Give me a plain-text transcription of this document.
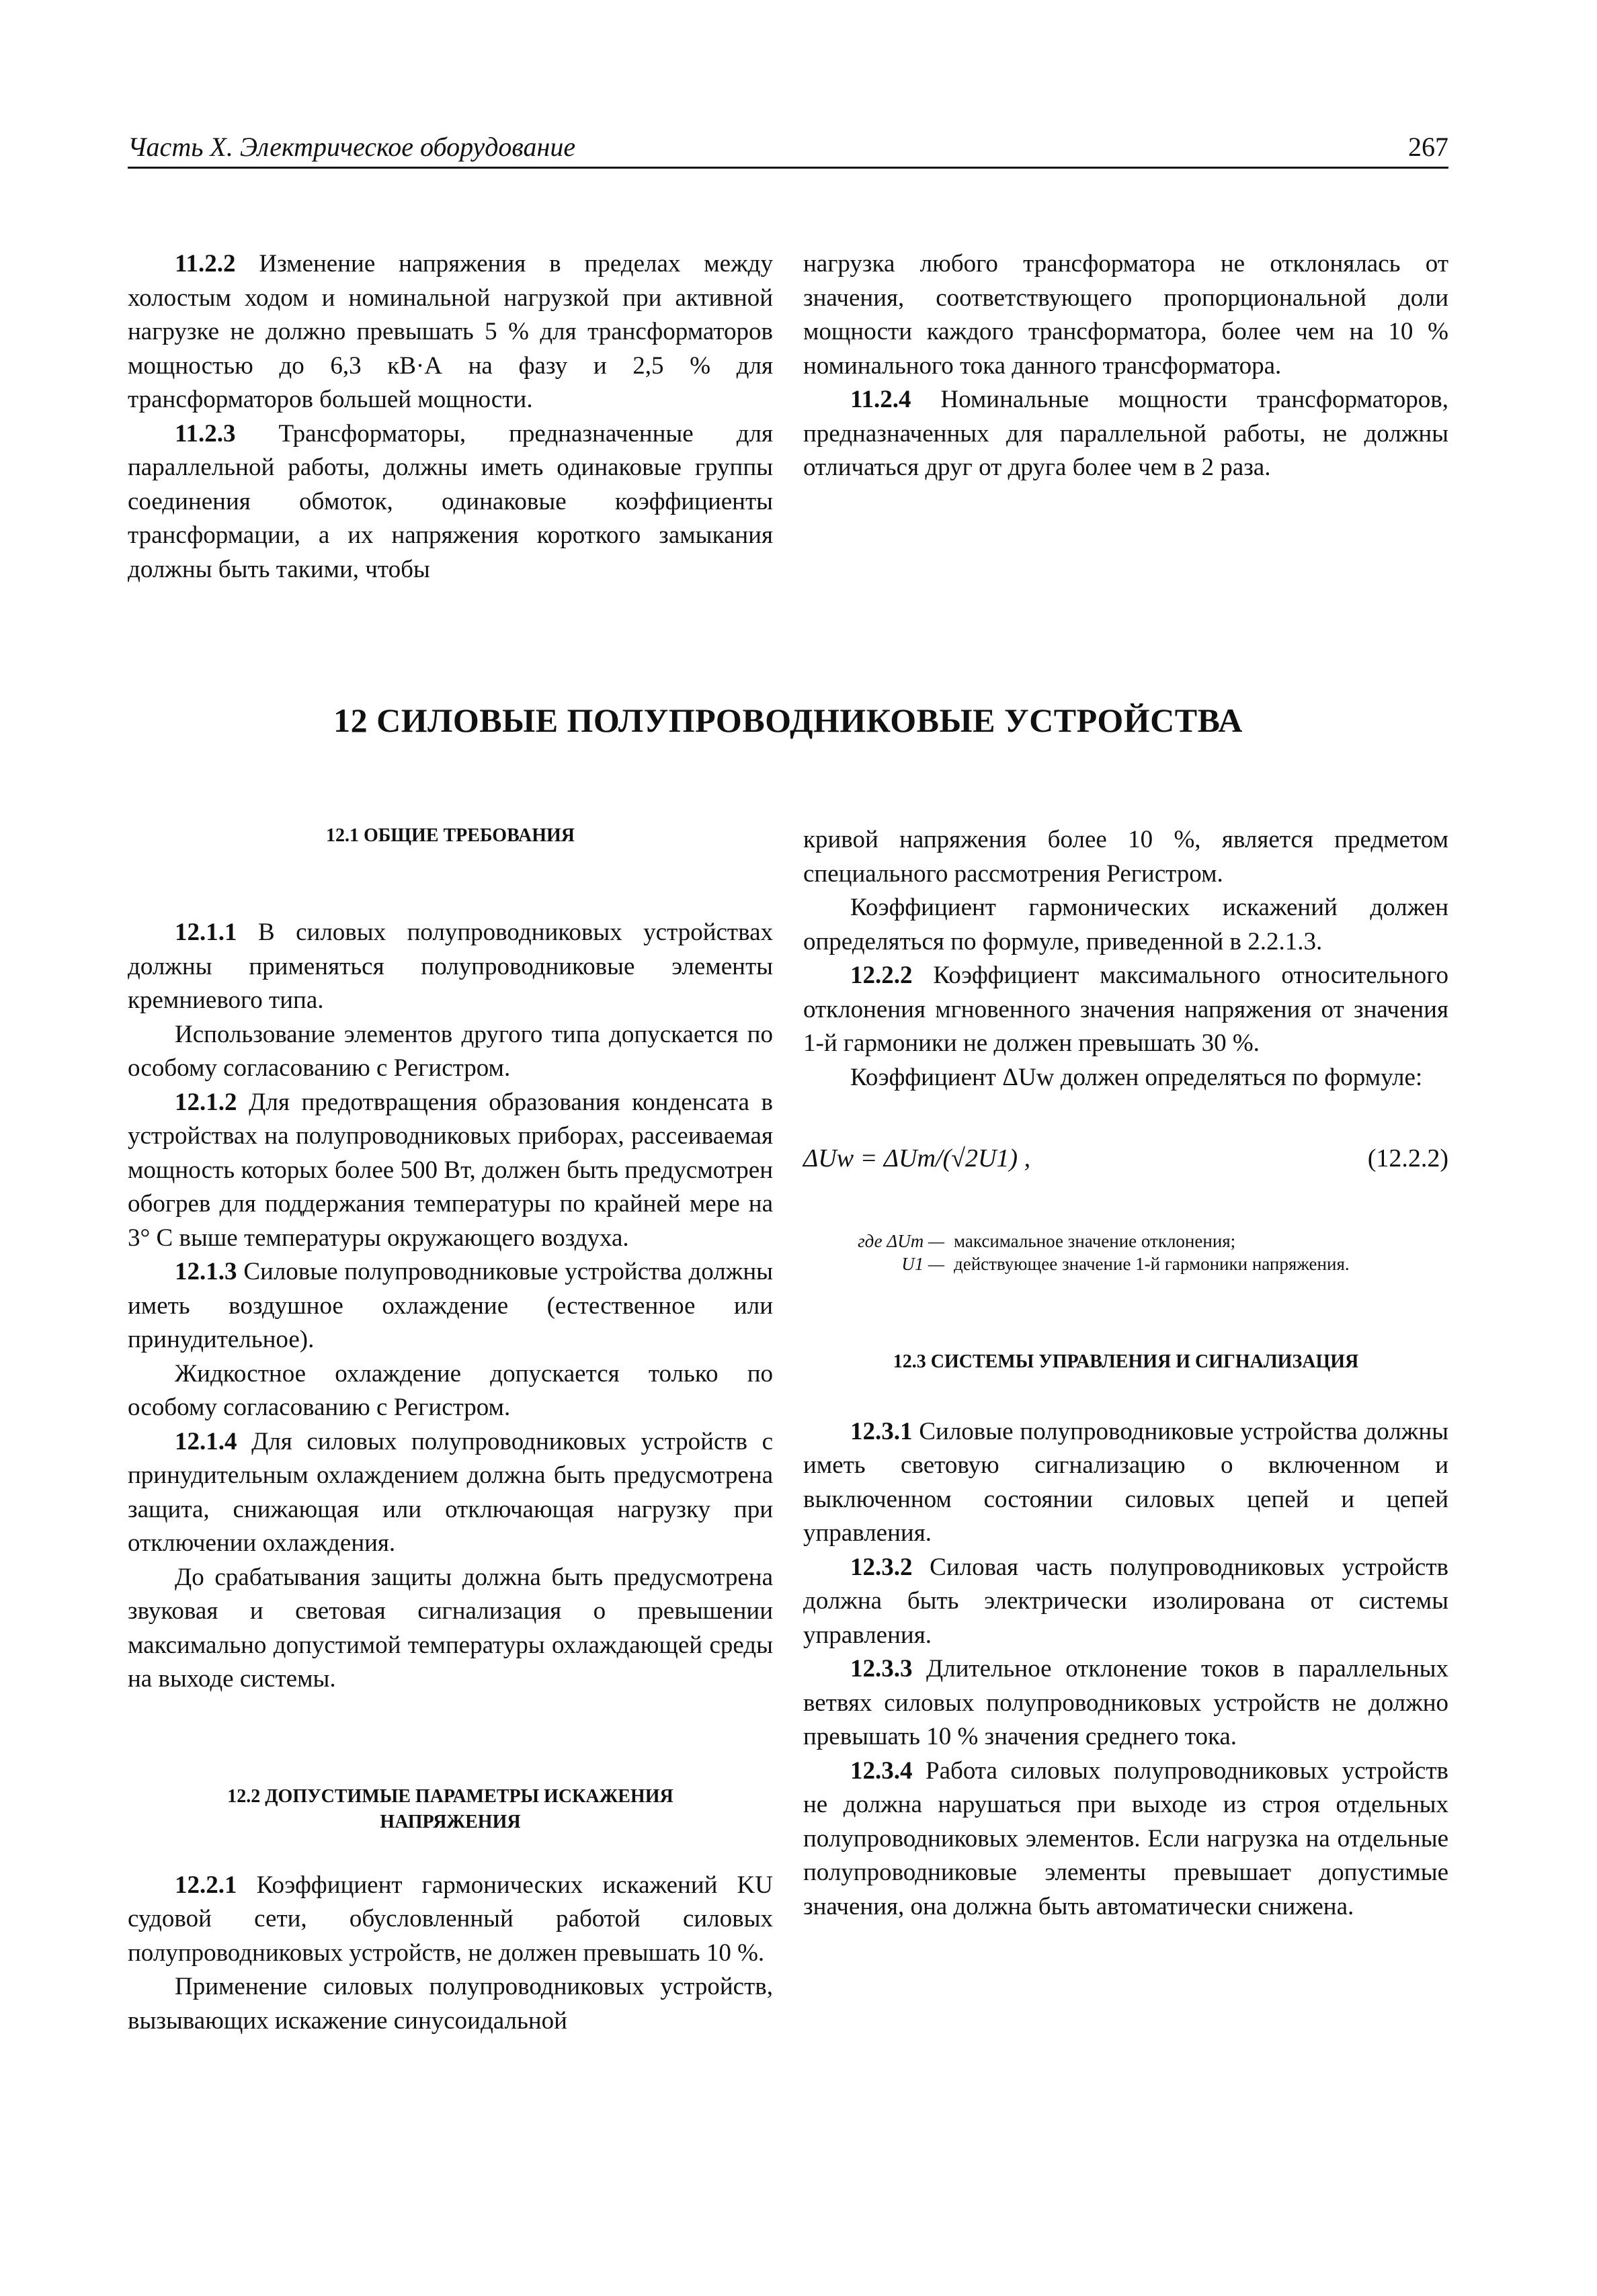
Часть X. Электрическое оборудование	267

11.2.2 Изменение напряжения в пределах между холостым ходом и номинальной нагрузкой при активной нагрузке не должно превышать 5 % для трансформаторов мощностью до 6,3 кВ·А на фазу и 2,5 % для трансформаторов большей мощности.

11.2.3 Трансформаторы, предназначенные для параллельной работы, должны иметь одинаковые группы соединения обмоток, одинаковые коэффициенты трансформации, а их напряжения короткого замыкания должны быть такими, чтобы

нагрузка любого трансформатора не отклонялась от значения, соответствующего пропорциональной доли мощности каждого трансформатора, более чем на 10 % номинального тока данного трансформатора.

11.2.4 Номинальные мощности трансформаторов, предназначенных для параллельной работы, не должны отличаться друг от друга более чем в 2 раза.

12 СИЛОВЫЕ ПОЛУПРОВОДНИКОВЫЕ УСТРОЙСТВА

12.1 ОБЩИЕ ТРЕБОВАНИЯ

12.1.1 В силовых полупроводниковых устройствах должны применяться полупроводниковые элементы кремниевого типа.

Использование элементов другого типа допускается по особому согласованию с Регистром.

12.1.2 Для предотвращения образования конденсата в устройствах на полупроводниковых приборах, рассеиваемая мощность которых более 500 Вт, должен быть предусмотрен обогрев для поддержания температуры по крайней мере на 3° С выше температуры окружающего воздуха.

12.1.3 Силовые полупроводниковые устройства должны иметь воздушное охлаждение (естественное или принудительное).

Жидкостное охлаждение допускается только по особому согласованию с Регистром.

12.1.4 Для силовых полупроводниковых устройств с принудительным охлаждением должна быть предусмотрена защита, снижающая или отключающая нагрузку при отключении охлаждения.

До срабатывания защиты должна быть предусмотрена звуковая и световая сигнализация о превышении максимально допустимой температуры охлаждающей среды на выходе системы.

12.2 ДОПУСТИМЫЕ ПАРАМЕТРЫ ИСКАЖЕНИЯ НАПРЯЖЕНИЯ

12.2.1 Коэффициент гармонических искажений KU судовой сети, обусловленный работой силовых полупроводниковых устройств, не должен превышать 10 %.

Применение силовых полупроводниковых устройств, вызывающих искажение синусоидальной

кривой напряжения более 10 %, является предметом специального рассмотрения Регистром.

Коэффициент гармонических искажений должен определяться по формуле, приведенной в 2.2.1.3.

12.2.2 Коэффициент максимального относительного отклонения мгновенного значения напряжения от значения 1-й гармоники не должен превышать 30 %.

Коэффициент ΔUw должен определяться по формуле:

ΔUw = ΔUm/(√2U1) ,	(12.2.2)
где ΔUm — максимальное значение отклонения;
U1 — действующее значение 1-й гармоники напряжения.

12.3 СИСТЕМЫ УПРАВЛЕНИЯ И СИГНАЛИЗАЦИЯ

12.3.1 Силовые полупроводниковые устройства должны иметь световую сигнализацию о включенном и выключенном состоянии силовых цепей и цепей управления.

12.3.2 Силовая часть полупроводниковых устройств должна быть электрически изолирована от системы управления.

12.3.3 Длительное отклонение токов в параллельных ветвях силовых полупроводниковых устройств не должно превышать 10 % значения среднего тока.

12.3.4 Работа силовых полупроводниковых устройств не должна нарушаться при выходе из строя отдельных полупроводниковых элементов. Если нагрузка на отдельные полупроводниковые элементы превышает допустимые значения, она должна быть автоматически снижена.
